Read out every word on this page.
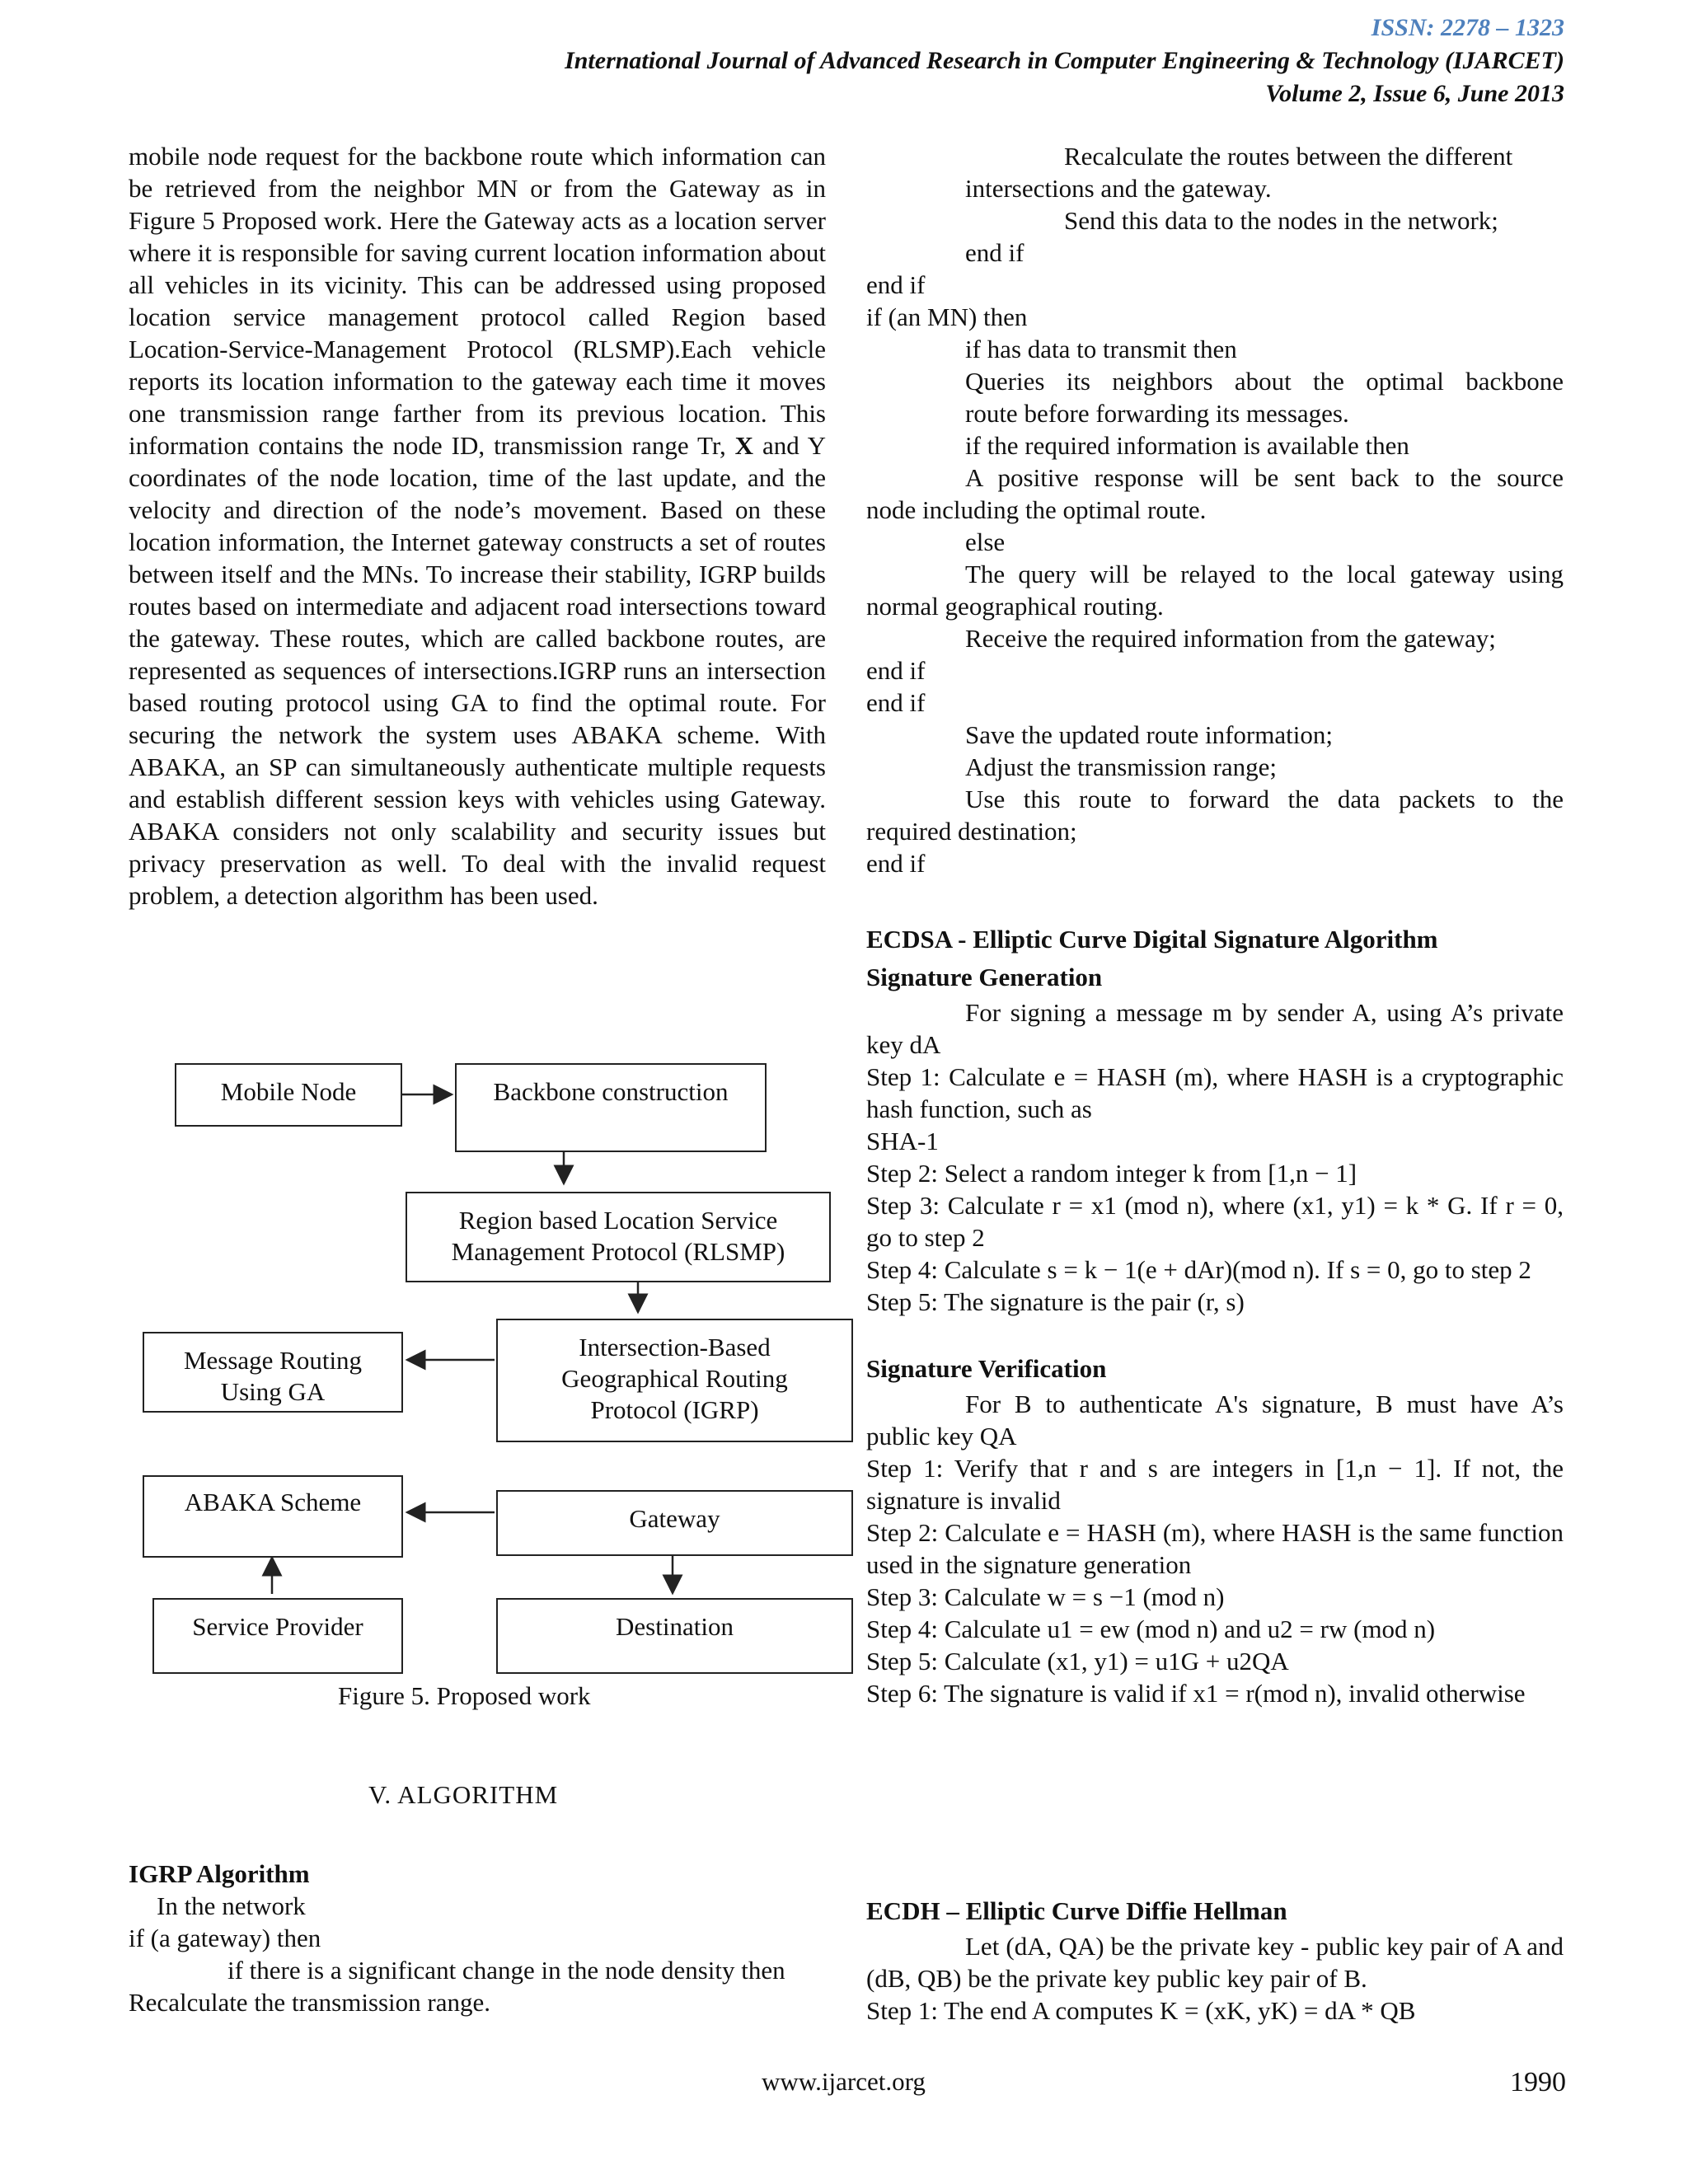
ISSN: 2278 – 1323
International Journal of Advanced Research in Computer Engineering & Technology (IJARCET)
Volume 2, Issue 6, June 2013

mobile node request for the backbone route which information can be retrieved from the neighbor MN or from the Gateway as in Figure 5 Proposed work. Here the Gateway acts as a location server where it is responsible for saving current location information about all vehicles in its vicinity. This can be addressed using proposed location service management protocol called Region based Location-Service-Management Protocol (RLSMP).Each vehicle reports its location information to the gateway each time it moves one transmission range farther from its previous location. This information contains the node ID, transmission range Tr, X and Y coordinates of the node location, time of the last update, and the velocity and direction of the node’s movement. Based on these location information, the Internet gateway constructs a set of routes between itself and the MNs. To increase their stability, IGRP builds routes based on intermediate and adjacent road intersections toward the gateway. These routes, which are called backbone routes, are represented as sequences of intersections.IGRP runs an intersection based routing protocol using GA to find the optimal route. For securing the network the system uses ABAKA scheme. With ABAKA, an SP can simultaneously authenticate multiple requests and establish different session keys with vehicles using Gateway. ABAKA considers not only scalability and security issues but privacy preservation as well. To deal with the invalid request problem, a detection algorithm has been used.

Mobile Node	Backbone construction
Region based Location Service
Management Protocol (RLSMP)
Message Routing
Using GA
Intersection-Based
Geographical Routing
Protocol (IGRP)
ABAKA Scheme
Gateway
Service Provider	Destination
Figure 5. Proposed work
V. ALGORITHM
IGRP Algorithm
In the network
if (a gateway) then

if there is a significant change in the node density then

Recalculate the transmission range.
Recalculate the routes between the different
intersections and the gateway.
Send this data to the nodes in the network;
end if
end if
if (an MN) then
if has data to transmit then

Queries its neighbors about the optimal backbone

route before forwarding its messages.
if the required information is available then

A positive response will be sent back to the source

node including the optimal route.
else

The query will be relayed to the local gateway using

normal geographical routing.
Receive the required information from the gateway;
end if
end if
Save the updated route information;
Adjust the transmission range;

Use this route to forward the data packets to the

required destination;
end if
ECDSA - Elliptic Curve Digital Signature Algorithm
Signature Generation

For signing a message m by sender A, using A’s private key dA

Step 1: Calculate e = HASH (m), where HASH is a cryptographic hash function, such as

SHA-1

Step 2: Select a random integer k from [1,n − 1]

Step 3: Calculate r = x1 (mod n), where (x1, y1) = k * G. If r = 0, go to step 2

Step 4: Calculate s = k − 1(e + dAr)(mod n). If s = 0, go to step 2

Step 5: The signature is the pair (r, s)

Signature Verification

For B to authenticate A's signature, B must have A’s public key QA

Step 1: Verify that r and s are integers in [1,n − 1]. If not, the signature is invalid

Step 2: Calculate e = HASH (m), where HASH is the same function used in the signature generation

Step 3: Calculate w = s −1 (mod n)

Step 4: Calculate u1 = ew (mod n) and u2 = rw (mod n)

Step 5: Calculate (x1, y1) = u1G + u2QA

Step 6: The signature is valid if x1 = r(mod n), invalid otherwise

ECDH – Elliptic Curve Diffie Hellman

Let (dA, QA) be the private key - public key pair of A and (dB, QB) be the private key public key pair of B.

Step 1: The end A computes K = (xK, yK) = dA * QB

www.ijarcet.org	1990
